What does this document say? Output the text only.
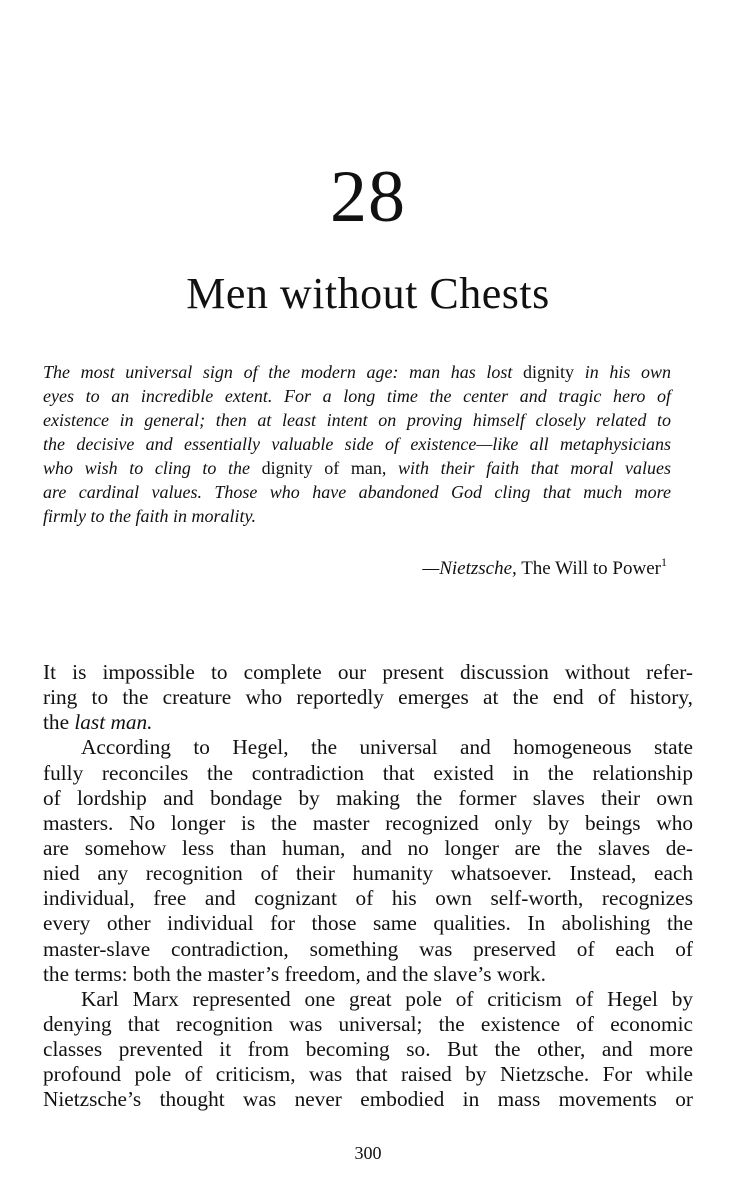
28
Men without Chests
The most universal sign of the modern age: man has lost dignity in his own
eyes to an incredible extent. For a long time the center and tragic hero of
existence in general; then at least intent on proving himself closely related to
the decisive and essentially valuable side of existence—like all metaphysicians
who wish to cling to the dignity of man, with their faith that moral values
are cardinal values. Those who have abandoned God cling that much more
firmly to the faith in morality.
—Nietzsche, The Will to Power$^1$
It is impossible to complete our present discussion without refer-
ring to the creature who reportedly emerges at the end of history,
the last man.
According to Hegel, the universal and homogeneous state
fully reconciles the contradiction that existed in the relationship
of lordship and bondage by making the former slaves their own
masters. No longer is the master recognized only by beings who
are somehow less than human, and no longer are the slaves de-
nied any recognition of their humanity whatsoever. Instead, each
individual, free and cognizant of his own self-worth, recognizes
every other individual for those same qualities. In abolishing the
master-slave contradiction, something was preserved of each of
the terms: both the master’s freedom, and the slave’s work.
Karl Marx represented one great pole of criticism of Hegel by
denying that recognition was universal; the existence of economic
classes prevented it from becoming so. But the other, and more
profound pole of criticism, was that raised by Nietzsche. For while
Nietzsche’s thought was never embodied in mass movements or
300
